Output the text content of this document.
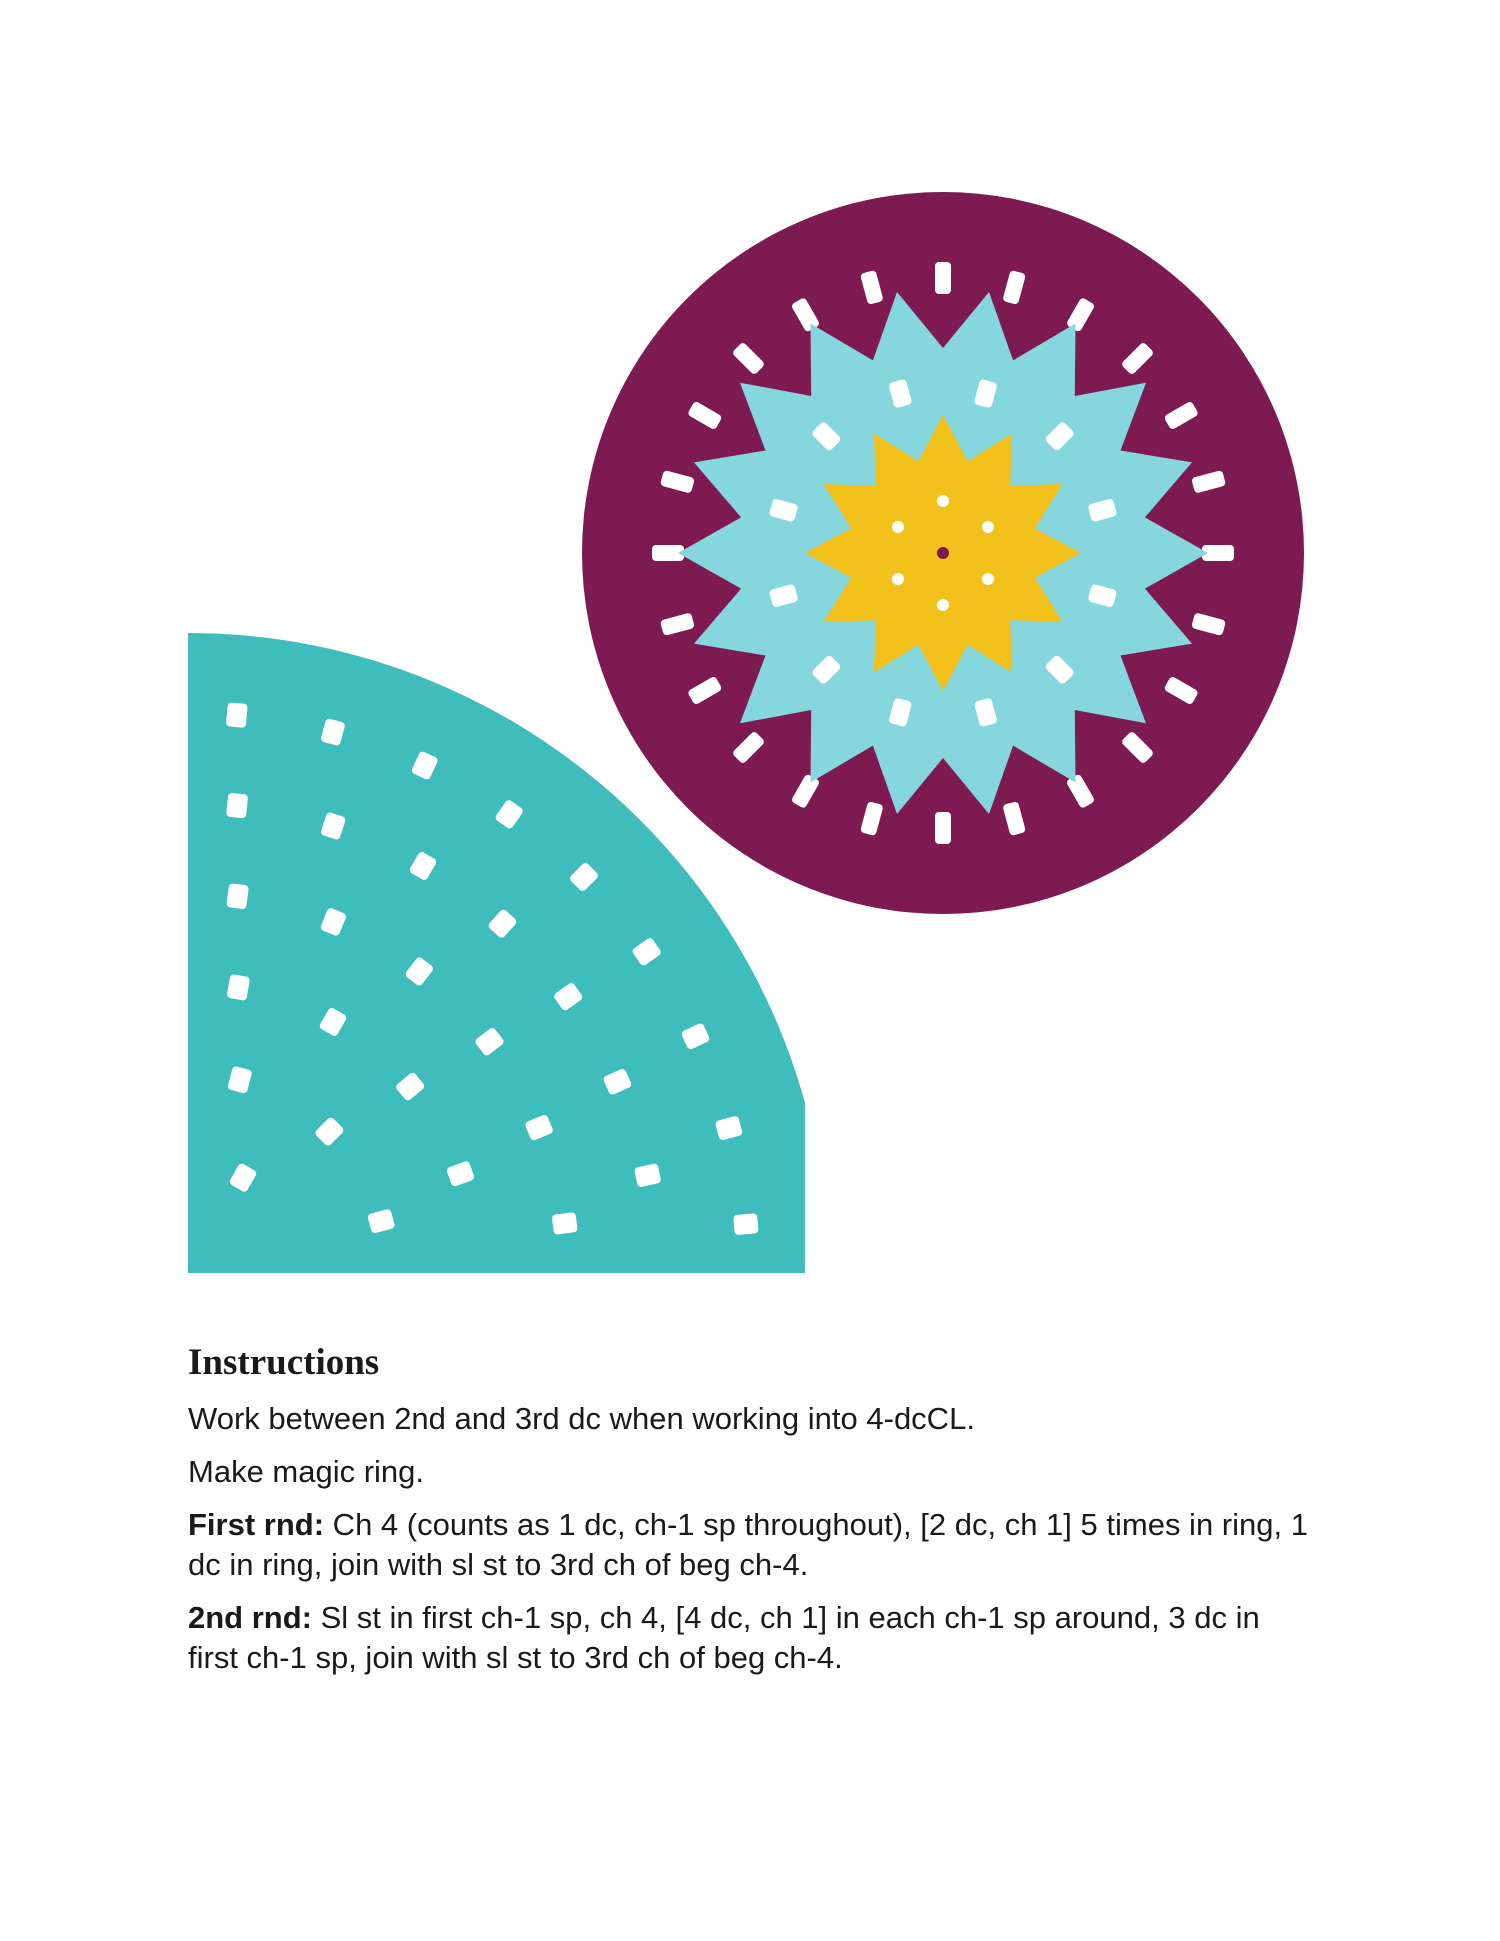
Instructions

Work between 2nd and 3rd dc when working into 4-dcCL.

Make magic ring.

First rnd: Ch 4 (counts as 1 dc, ch-1 sp throughout), [2 dc, ch 1] 5 times in ring, 1 dc in ring, join with sl st to 3rd ch of beg ch-4.

2nd rnd: Sl st in first ch-1 sp, ch 4, [4 dc, ch 1] in each ch-1 sp around, 3 dc in first ch-1 sp, join with sl st to 3rd ch of beg ch-4.
